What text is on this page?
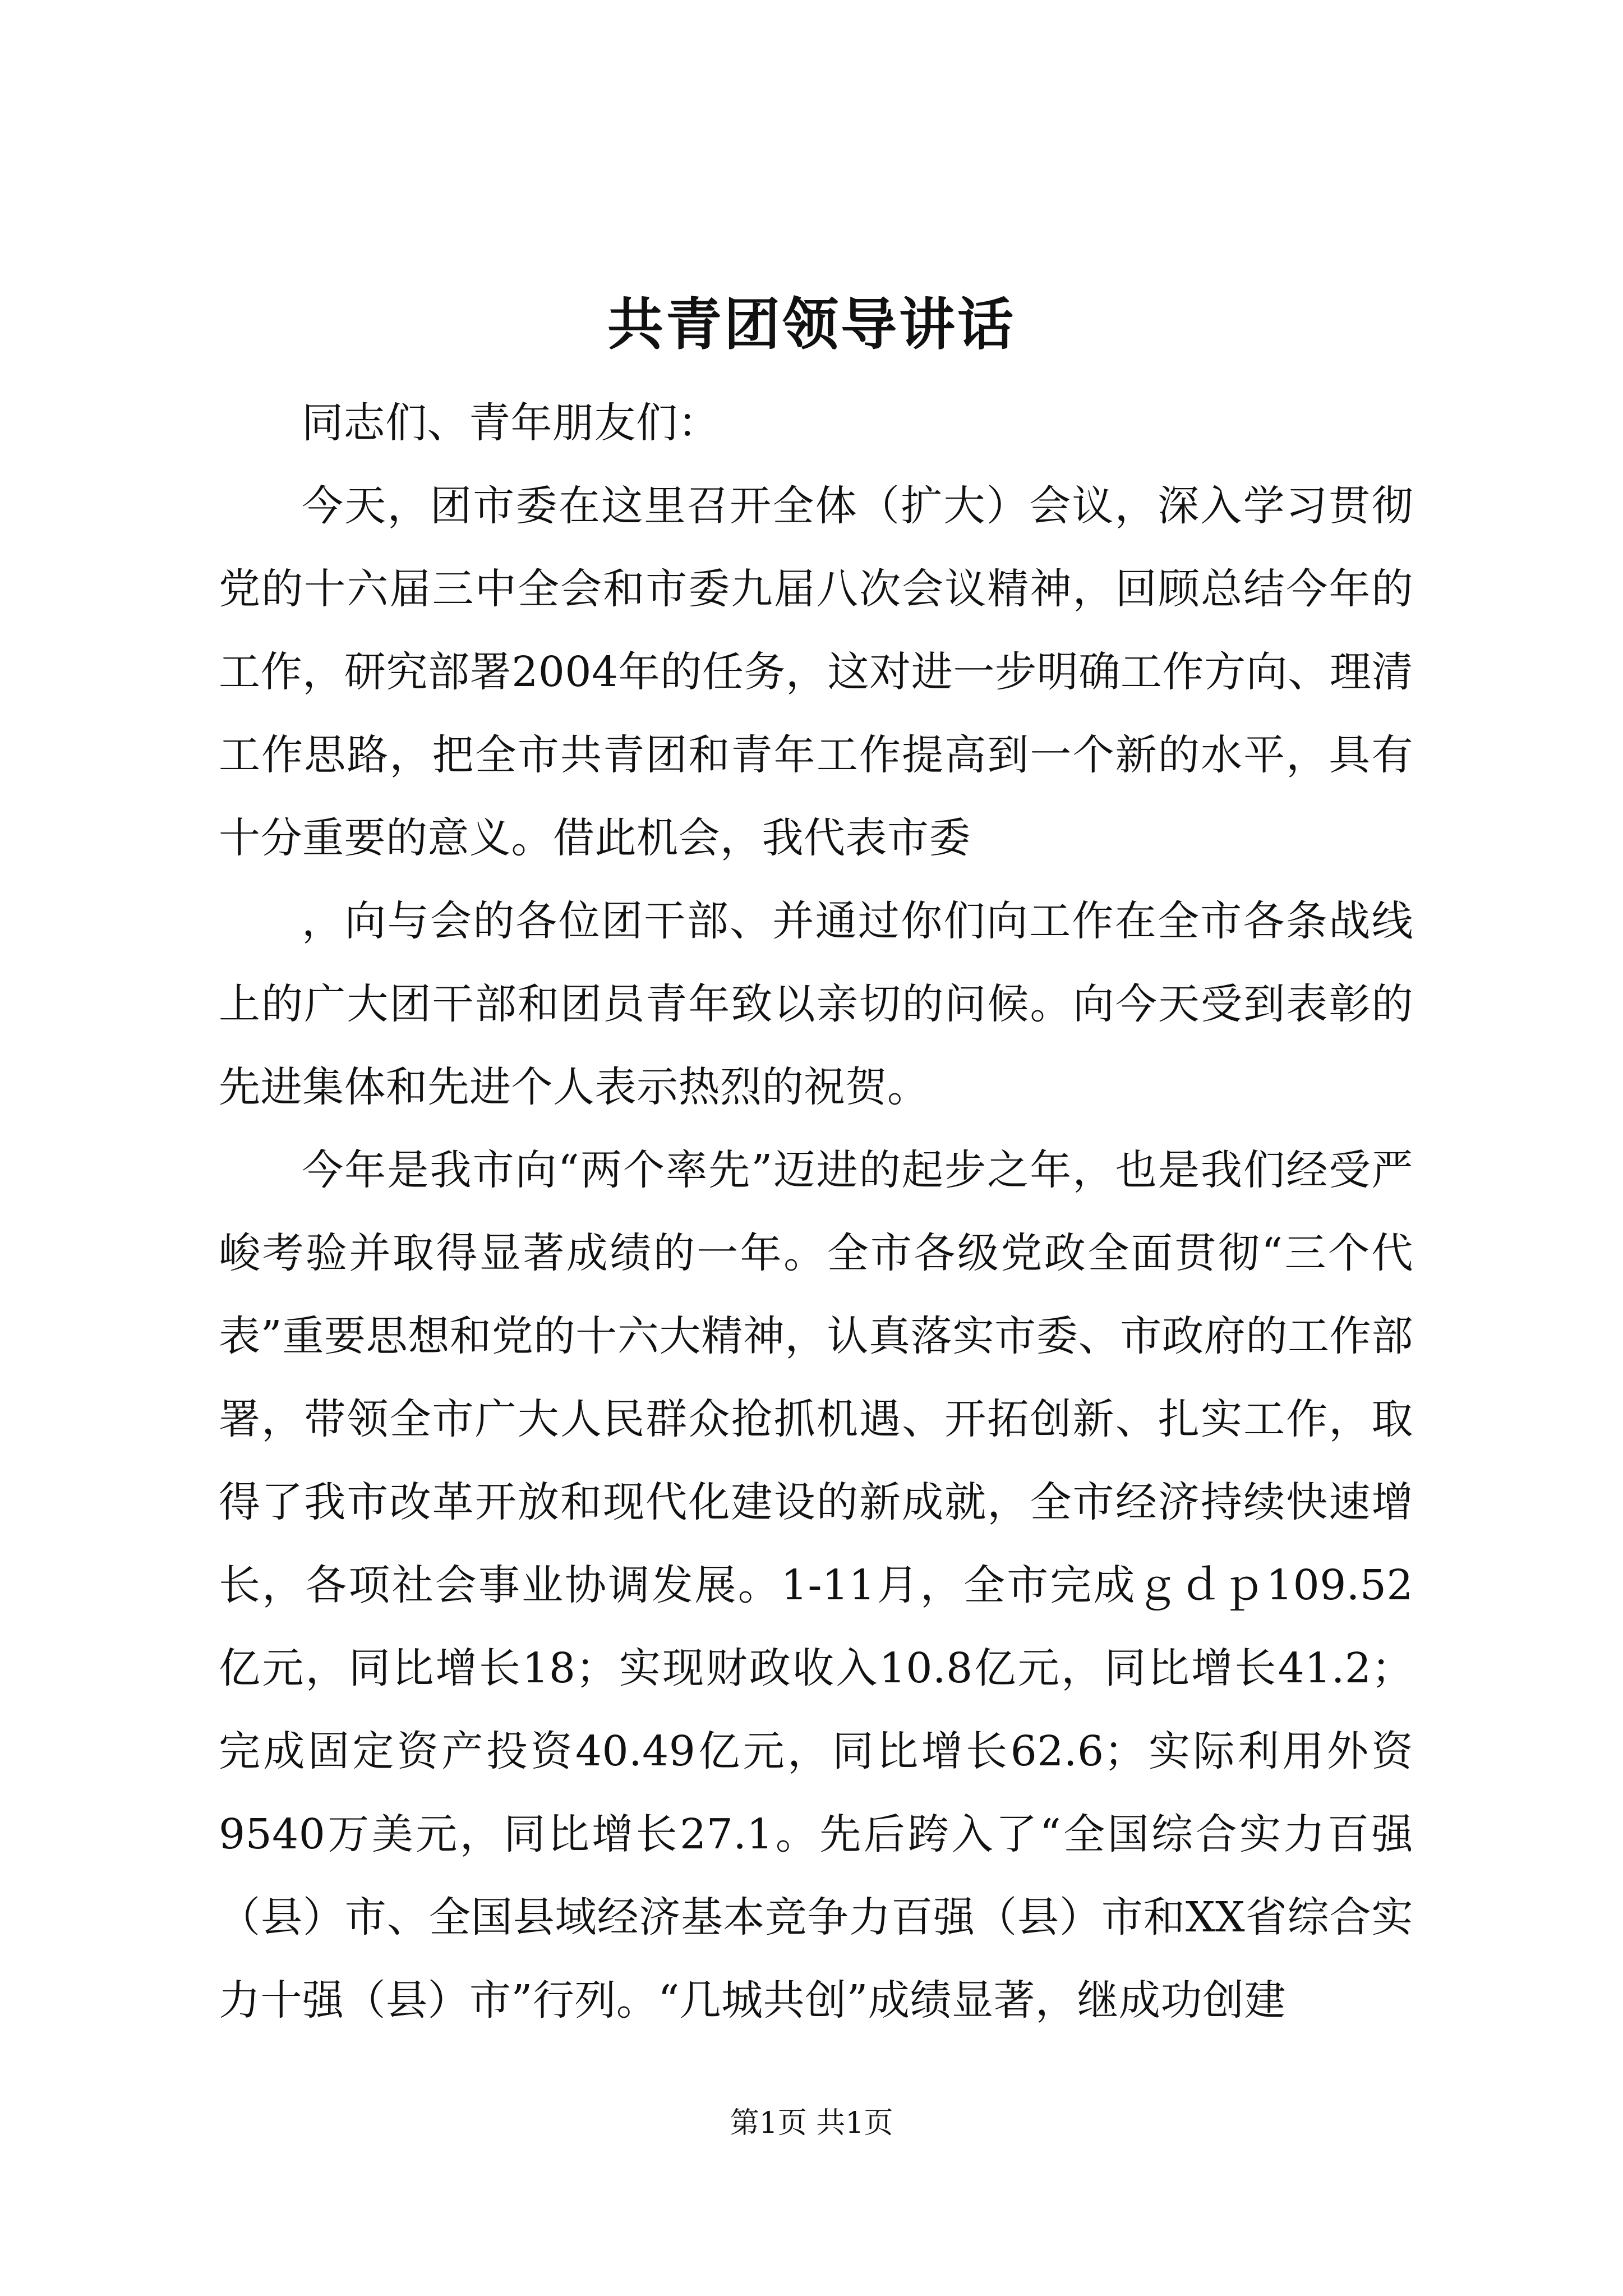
共青团领导讲话

同志们、青年朋友们：

今天，团市委在这里召开全体（扩大）会议，深入学习贯彻党的十六届三中全会和市委九届八次会议精神，回顾总结今年的工作，研究部署2004年的任务，这对进一步明确工作方向、理清工作思路，把全市共青团和青年工作提高到一个新的水平，具有十分重要的意义。借此机会，我代表市委

，向与会的各位团干部、并通过你们向工作在全市各条战线上的广大团干部和团员青年致以亲切的问候。向今天受到表彰的先进集体和先进个人表示热烈的祝贺。

今年是我市向“两个率先”迈进的起步之年，也是我们经受严峻考验并取得显著成绩的一年。全市各级党政全面贯彻“三个代表”重要思想和党的十六大精神，认真落实市委、市政府的工作部署，带领全市广大人民群众抢抓机遇、开拓创新、扎实工作，取得了我市改革开放和现代化建设的新成就，全市经济持续快速增长，各项社会事业协调发展。1-11月，全市完成ｇｄｐ109.52亿元，同比增长18；实现财政收入10.8亿元，同比增长41.2；完成固定资产投资40.49亿元，同比增长62.6；实际利用外资9540万美元，同比增长27.1。先后跨入了“全国综合实力百强（县）市、全国县域经济基本竞争力百强（县）市和XX省综合实力十强（县）市”行列。“几城共创”成绩显著，继成功创建

第1页 共1页
